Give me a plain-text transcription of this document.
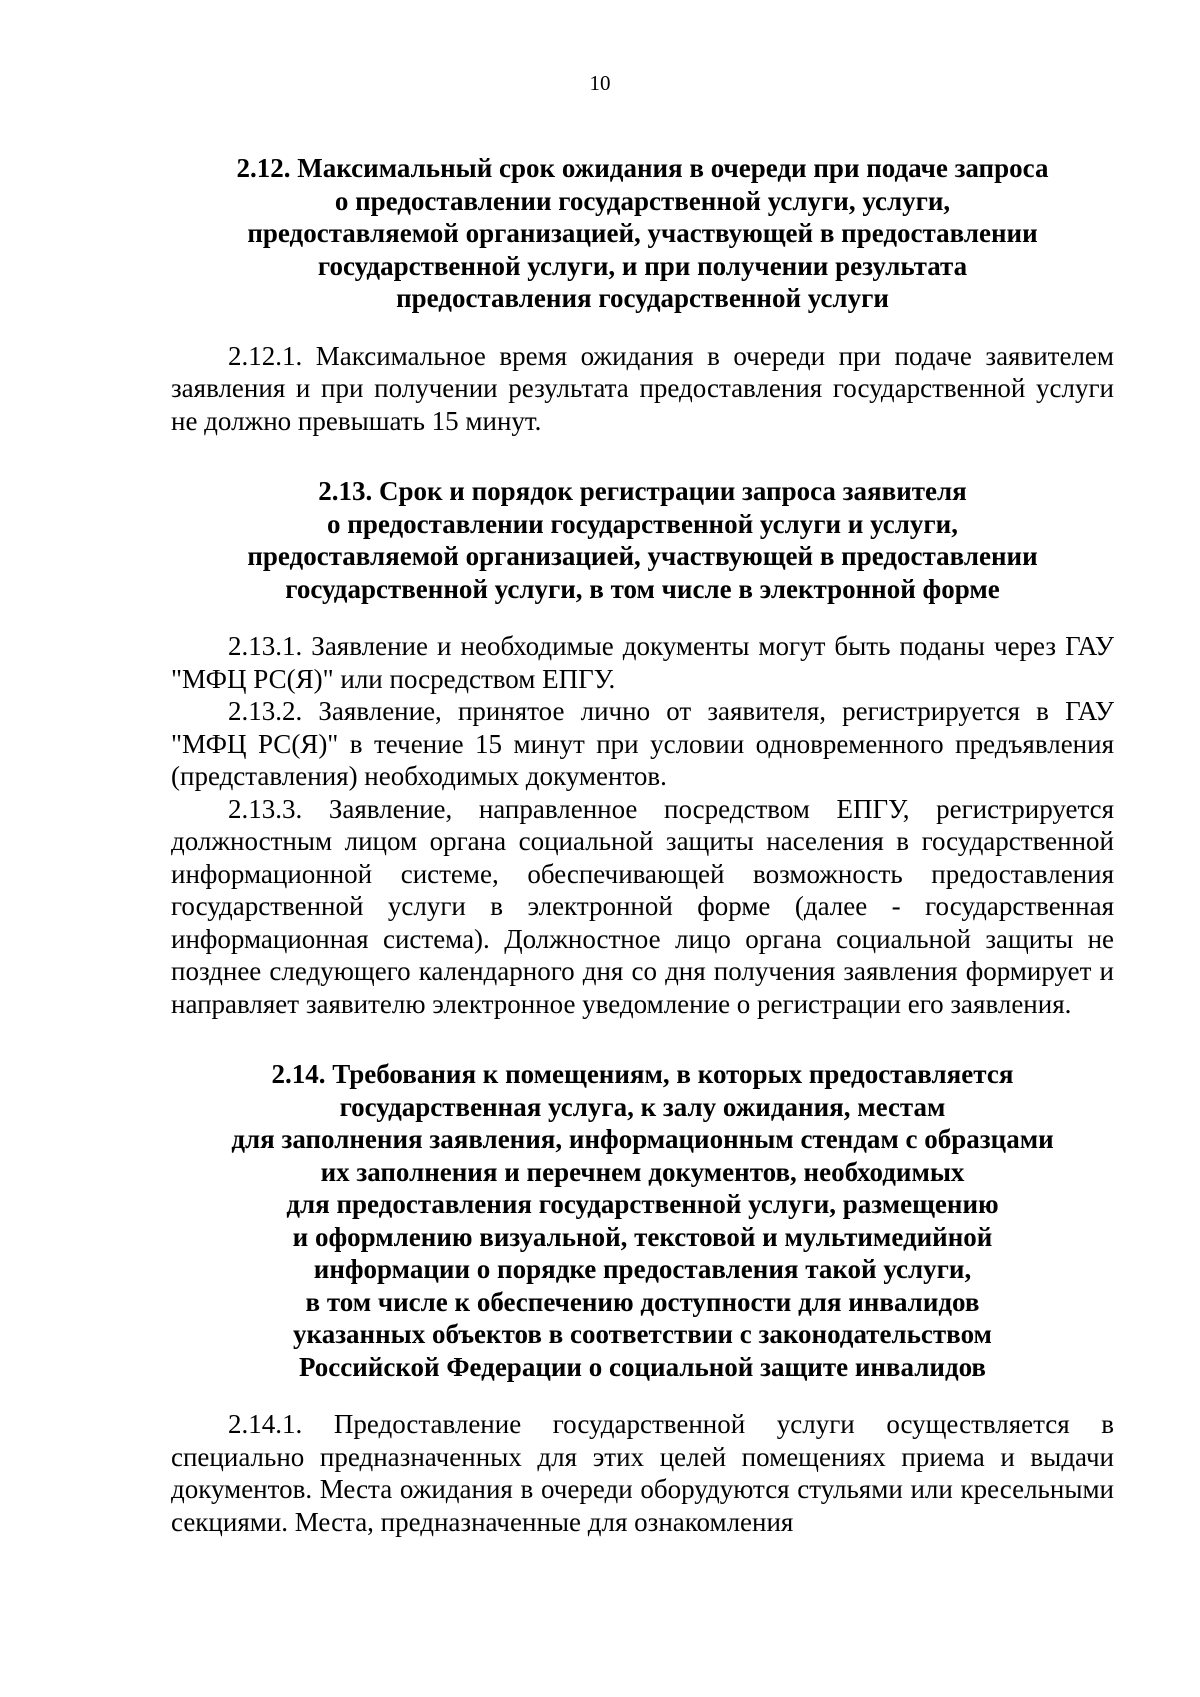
10
2.12. Максимальный срок ожидания в очереди при подаче запроса
о предоставлении государственной услуги, услуги,
предоставляемой организацией, участвующей в предоставлении
государственной услуги, и при получении результата
предоставления государственной услуги

2.12.1. Максимальное время ожидания в очереди при подаче заявителем заявления и при получении результата предоставления государственной услуги не должно превышать 15 минут.

2.13. Срок и порядок регистрации запроса заявителя
о предоставлении государственной услуги и услуги,
предоставляемой организацией, участвующей в предоставлении
государственной услуги, в том числе в электронной форме

2.13.1. Заявление и необходимые документы могут быть поданы через ГАУ "МФЦ РС(Я)" или посредством ЕПГУ.

2.13.2. Заявление, принятое лично от заявителя, регистрируется в ГАУ "МФЦ РС(Я)" в течение 15 минут при условии одновременного предъявления (представления) необходимых документов.

2.13.3. Заявление, направленное посредством ЕПГУ, регистрируется должностным лицом органа социальной защиты населения в государственной информационной системе, обеспечивающей возможность предоставления государственной услуги в электронной форме (далее - государственная информационная система). Должностное лицо органа социальной защиты не позднее следующего календарного дня со дня получения заявления формирует и направляет заявителю электронное уведомление о регистрации его заявления.

2.14. Требования к помещениям, в которых предоставляется
государственная услуга, к залу ожидания, местам
для заполнения заявления, информационным стендам с образцами
их заполнения и перечнем документов, необходимых
для предоставления государственной услуги, размещению
и оформлению визуальной, текстовой и мультимедийной
информации о порядке предоставления такой услуги,
в том числе к обеспечению доступности для инвалидов
указанных объектов в соответствии с законодательством
Российской Федерации о социальной защите инвалидов

2.14.1. Предоставление государственной услуги осуществляется в специально предназначенных для этих целей помещениях приема и выдачи документов. Места ожидания в очереди оборудуются стульями или кресельными секциями. Места, предназначенные для ознакомления
